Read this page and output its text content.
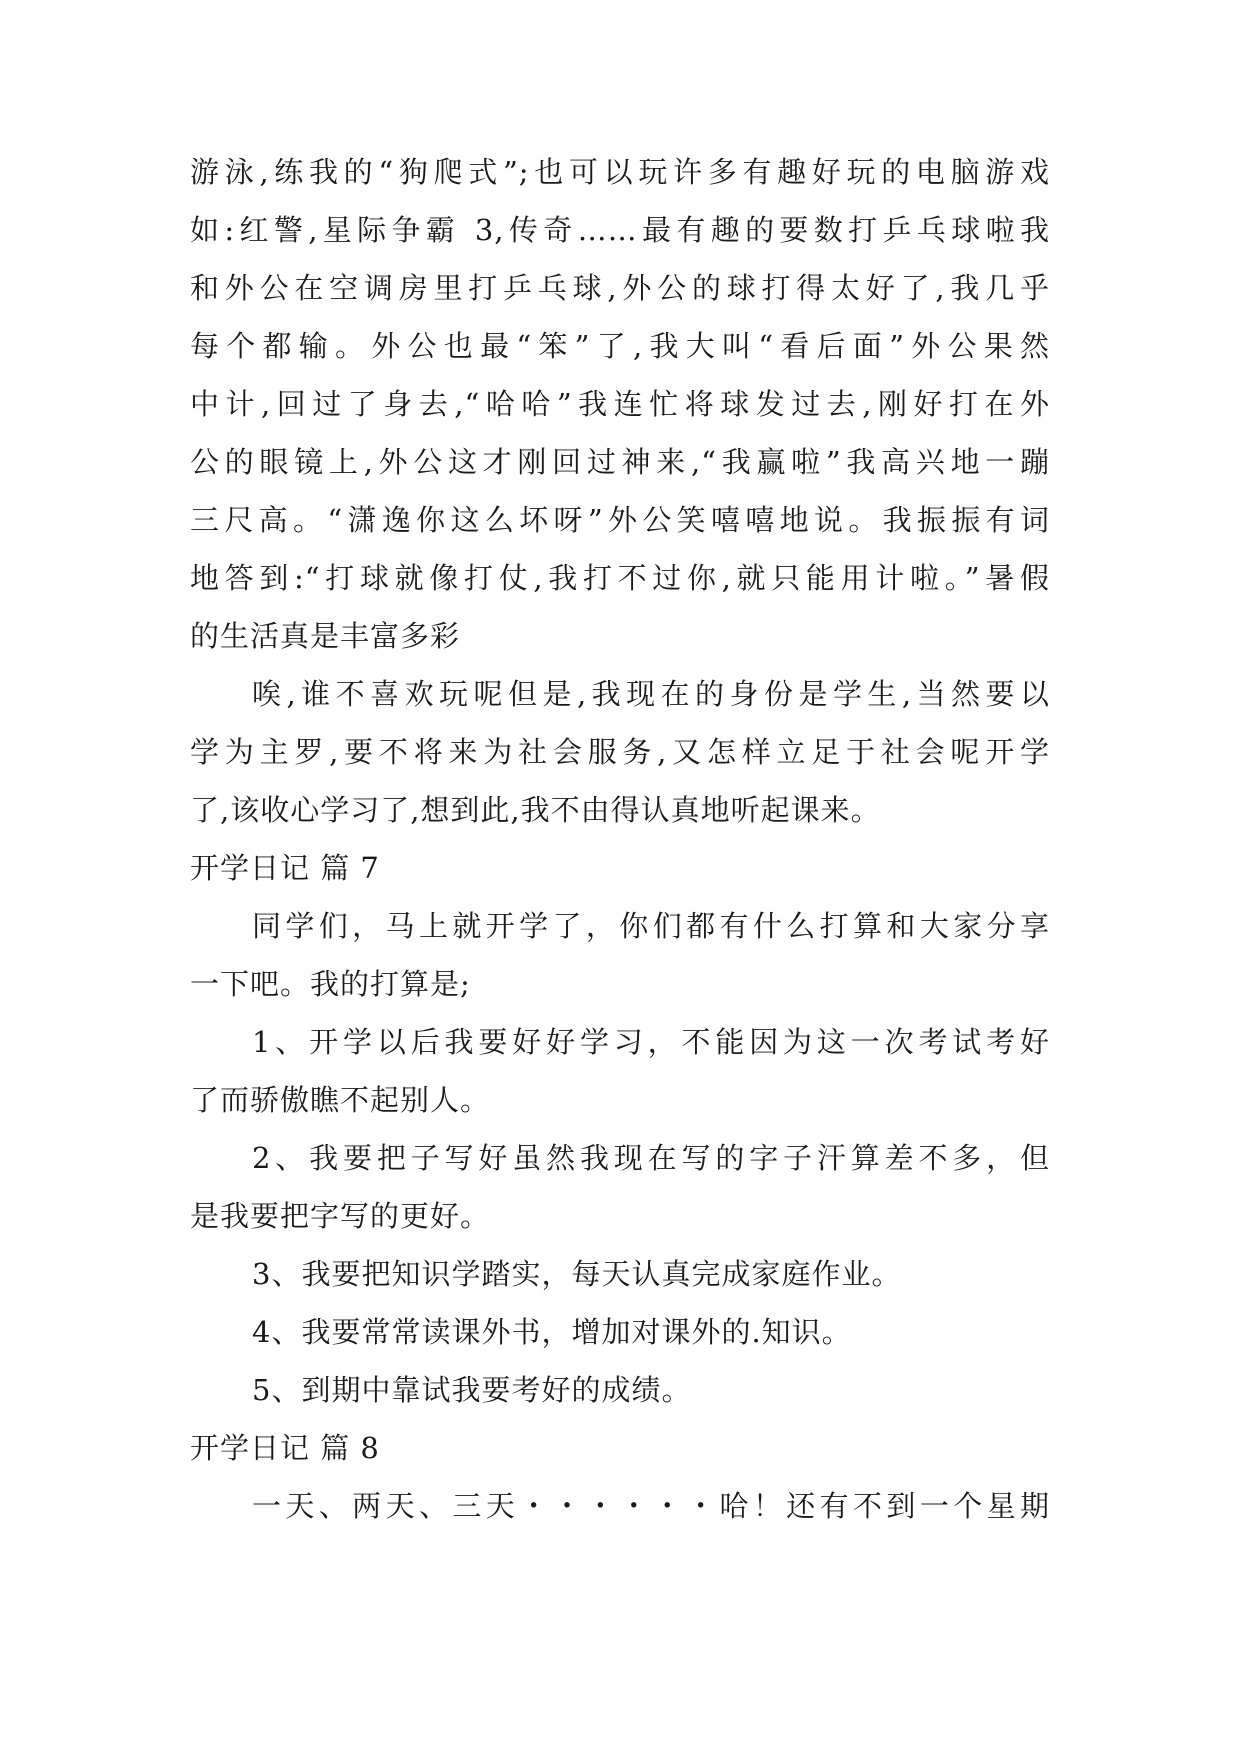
游泳,练我的“狗爬式”;也可以玩许多有趣好玩的电脑游戏
如:红警,星际争霸 3,传奇……最有趣的要数打乒乓球啦我
和外公在空调房里打乒乓球,外公的球打得太好了,我几乎
每个都输。外公也最“笨”了,我大叫“看后面”外公果然
中计,回过了身去,“哈哈”我连忙将球发过去,刚好打在外
公的眼镜上,外公这才刚回过神来,“我赢啦”我高兴地一蹦
三尺高。“潇逸你这么坏呀”外公笑嘻嘻地说。我振振有词
地答到:“打球就像打仗,我打不过你,就只能用计啦。”暑假
的生活真是丰富多彩
唉,谁不喜欢玩呢但是,我现在的身份是学生,当然要以
学为主罗,要不将来为社会服务,又怎样立足于社会呢开学
了,该收心学习了,想到此,我不由得认真地听起课来。
开学日记 篇 7
同学们，马上就开学了，你们都有什么打算和大家分享
一下吧。我的打算是;
1、开学以后我要好好学习，不能因为这一次考试考好
了而骄傲瞧不起别人。
2、我要把子写好虽然我现在写的字子汗算差不多，但
是我要把字写的更好。
3、我要把知识学踏实，每天认真完成家庭作业。
4、我要常常读课外书，增加对课外的.知识。
5、到期中靠试我要考好的成绩。
开学日记 篇 8
一天、两天、三天・・・・・・哈！还有不到一个星期
